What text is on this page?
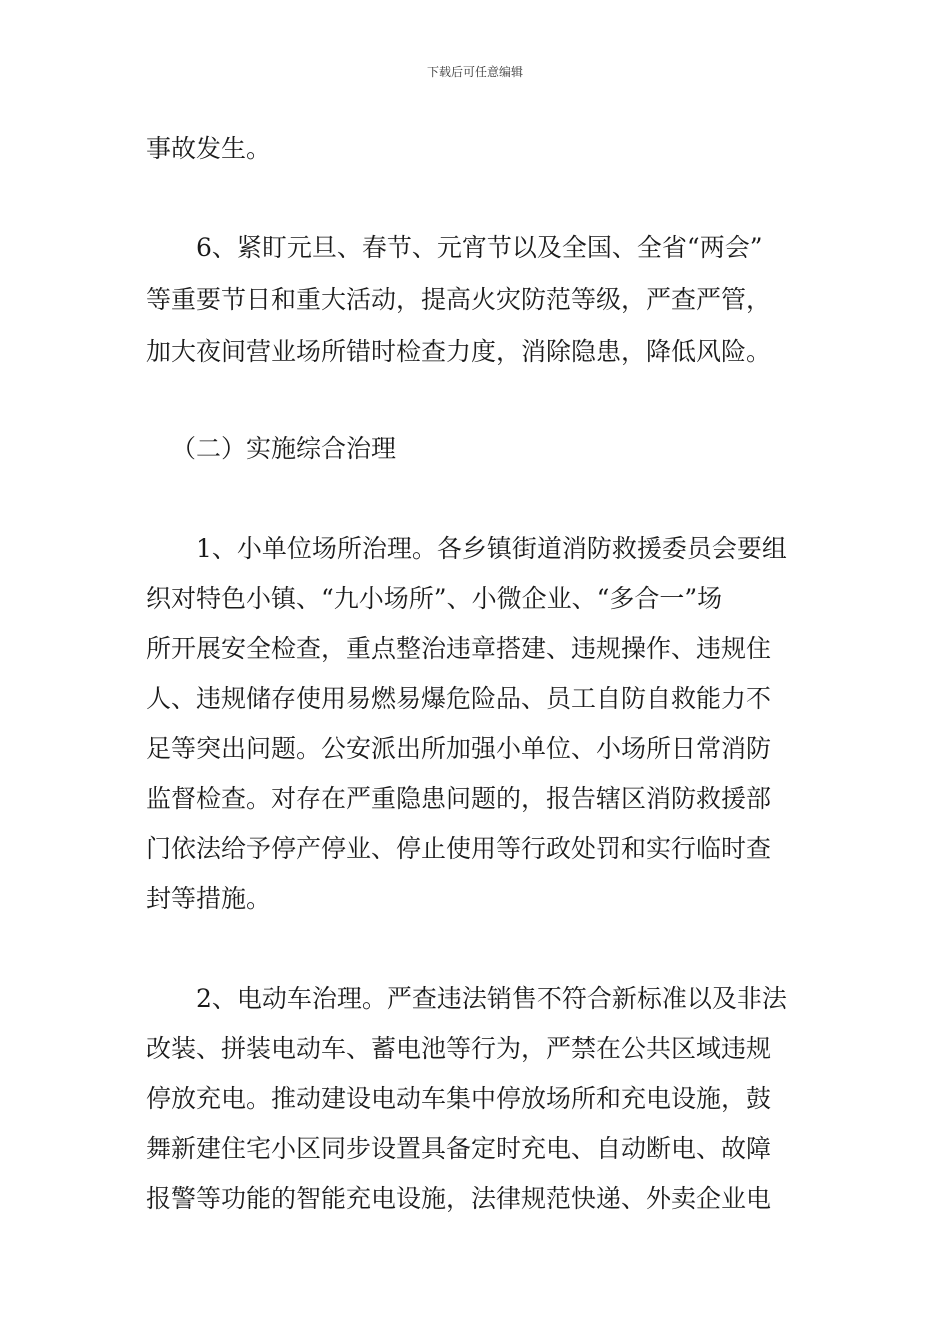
下载后可任意编辑
事故发生。
6、紧盯元旦、春节、元宵节以及全国、全省“两会”
等重要节日和重大活动，提高火灾防范等级，严查严管，
加大夜间营业场所错时检查力度，消除隐患，降低风险。
（二）实施综合治理
1、小单位场所治理。各乡镇街道消防救援委员会要组
织对特色小镇、“九小场所”、小微企业、“多合一”场
所开展安全检查，重点整治违章搭建、违规操作、违规住
人、违规储存使用易燃易爆危险品、员工自防自救能力不
足等突出问题。公安派出所加强小单位、小场所日常消防
监督检查。对存在严重隐患问题的，报告辖区消防救援部
门依法给予停产停业、停止使用等行政处罚和实行临时查
封等措施。
2、电动车治理。严查违法销售不符合新标准以及非法
改装、拼装电动车、蓄电池等行为，严禁在公共区域违规
停放充电。推动建设电动车集中停放场所和充电设施，鼓
舞新建住宅小区同步设置具备定时充电、自动断电、故障
报警等功能的智能充电设施，法律规范快递、外卖企业电
